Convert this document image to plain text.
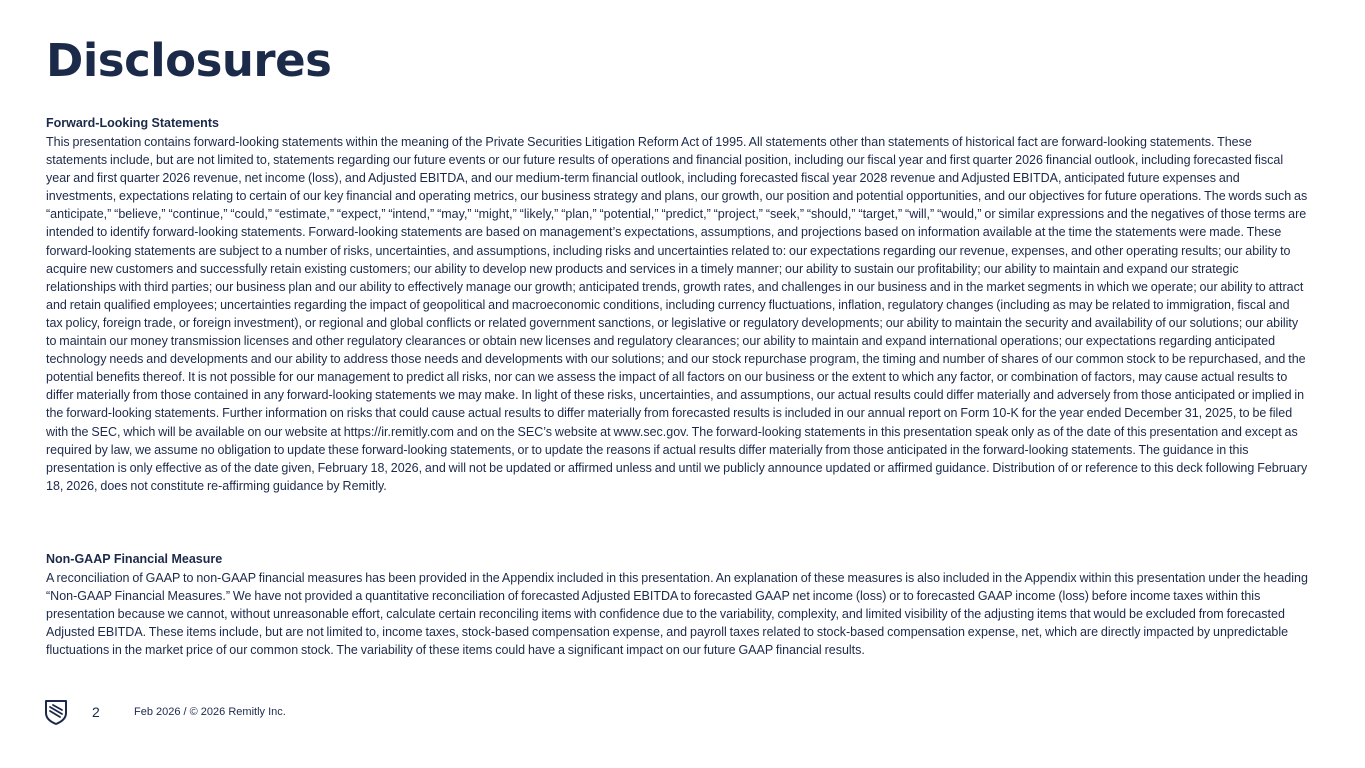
Disclosures
Forward-Looking Statements

This presentation contains forward-looking statements within the meaning of the Private Securities Litigation Reform Act of 1995. All statements other than statements of historical fact are forward-looking statements. These statements include, but are not limited to, statements regarding our future events or our future results of operations and financial position, including our fiscal year and first quarter 2026 financial outlook, including forecasted fiscal year and first quarter 2026 revenue, net income (loss), and Adjusted EBITDA, and our medium-term financial outlook, including forecasted fiscal year 2028 revenue and Adjusted EBITDA, anticipated future expenses and investments, expectations relating to certain of our key financial and operating metrics, our business strategy and plans, our growth, our position and potential opportunities, and our objectives for future operations. The words such as “anticipate,” “believe,” “continue,” “could,” “estimate,” “expect,” “intend,” “may,” “might,” “likely,” “plan,” “potential,” “predict,” “project,” “seek,” “should,” “target,” “will,” “would,” or similar expressions and the negatives of those terms are intended to identify forward-looking statements. Forward-looking statements are based on management’s expectations, assumptions, and projections based on information available at the time the statements were made. These forward-looking statements are subject to a number of risks, uncertainties, and assumptions, including risks and uncertainties related to: our expectations regarding our revenue, expenses, and other operating results; our ability to acquire new customers and successfully retain existing customers; our ability to develop new products and services in a timely manner; our ability to sustain our profitability; our ability to maintain and expand our strategic relationships with third parties; our business plan and our ability to effectively manage our growth; anticipated trends, growth rates, and challenges in our business and in the market segments in which we operate; our ability to attract and retain qualified employees; uncertainties regarding the impact of geopolitical and macroeconomic conditions, including currency fluctuations, inflation, regulatory changes (including as may be related to immigration, fiscal and tax policy, foreign trade, or foreign investment), or regional and global conflicts or related government sanctions, or legislative or regulatory developments; our ability to maintain the security and availability of our solutions; our ability to maintain our money transmission licenses and other regulatory clearances or obtain new licenses and regulatory clearances; our ability to maintain and expand international operations; our expectations regarding anticipated technology needs and developments and our ability to address those needs and developments with our solutions; and our stock repurchase program, the timing and number of shares of our common stock to be repurchased, and the potential benefits thereof. It is not possible for our management to predict all risks, nor can we assess the impact of all factors on our business or the extent to which any factor, or combination of factors, may cause actual results to differ materially from those contained in any forward-looking statements we may make. In light of these risks, uncertainties, and assumptions, our actual results could differ materially and adversely from those anticipated or implied in the forward-looking statements. Further information on risks that could cause actual results to differ materially from forecasted results is included in our annual report on Form 10-K for the year ended December 31, 2025, to be filed with the SEC, which will be available on our website at https://ir.remitly.com and on the SEC’s website at www.sec.gov. The forward-looking statements in this presentation speak only as of the date of this presentation and except as required by law, we assume no obligation to update these forward-looking statements, or to update the reasons if actual results differ materially from those anticipated in the forward-looking statements. The guidance in this presentation is only effective as of the date given, February 18, 2026, and will not be updated or affirmed unless and until we publicly announce updated or affirmed guidance. Distribution of or reference to this deck following February 18, 2026, does not constitute re-affirming guidance by Remitly.

Non-GAAP Financial Measure

A reconciliation of GAAP to non-GAAP financial measures has been provided in the Appendix included in this presentation. An explanation of these measures is also included in the Appendix within this presentation under the heading “Non-GAAP Financial Measures.” We have not provided a quantitative reconciliation of forecasted Adjusted EBITDA to forecasted GAAP net income (loss) or to forecasted GAAP income (loss) before income taxes within this presentation because we cannot, without unreasonable effort, calculate certain reconciling items with confidence due to the variability, complexity, and limited visibility of the adjusting items that would be excluded from forecasted Adjusted EBITDA. These items include, but are not limited to, income taxes, stock-based compensation expense, and payroll taxes related to stock-based compensation expense, net, which are directly impacted by unpredictable fluctuations in the market price of our common stock. The variability of these items could have a significant impact on our future GAAP financial results.

2	Feb 2026 / © 2026 Remitly Inc.
